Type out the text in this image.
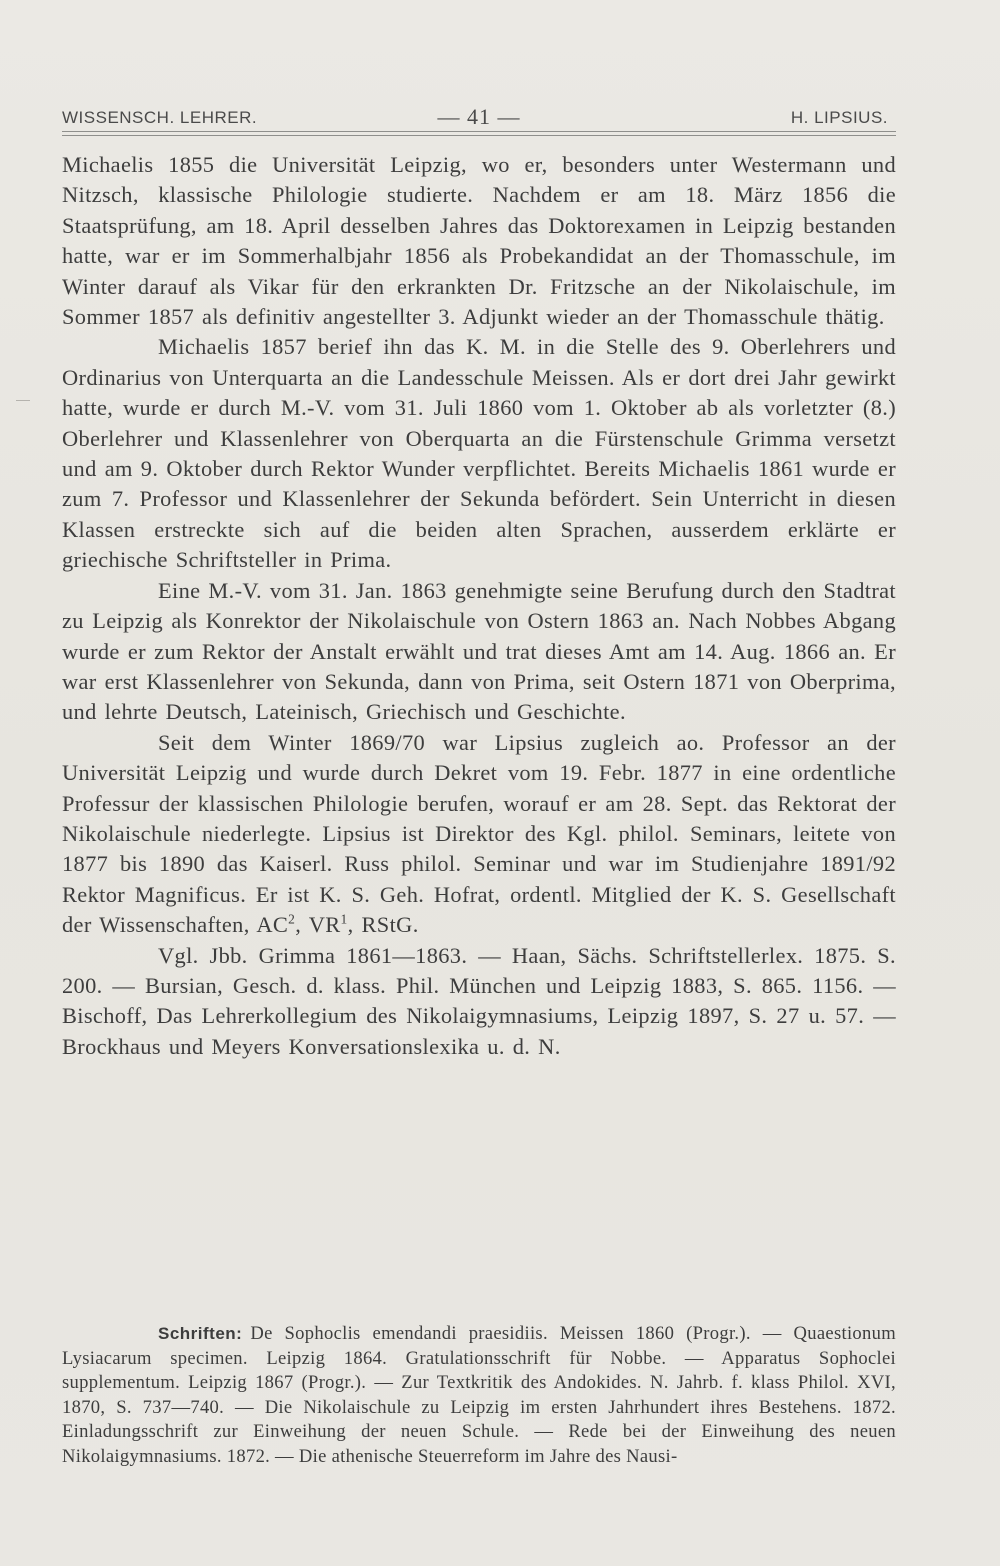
WISSENSCH. LEHRER.	— 41 —	H. LIPSIUS.

Michaelis 1855 die Universität Leipzig, wo er, besonders unter Westermann und Nitzsch, klassische Philologie studierte. Nachdem er am 18. März 1856 die Staatsprüfung, am 18. April desselben Jahres das Doktorexamen in Leipzig bestanden hatte, war er im Sommerhalbjahr 1856 als Probekandidat an der Thomasschule, im Winter darauf als Vikar für den erkrankten Dr. Fritzsche an der Nikolaischule, im Sommer 1857 als definitiv angestellter 3. Adjunkt wieder an der Thomasschule thätig.

Michaelis 1857 berief ihn das K. M. in die Stelle des 9. Oberlehrers und Ordinarius von Unterquarta an die Landesschule Meissen. Als er dort drei Jahr gewirkt hatte, wurde er durch M.-V. vom 31. Juli 1860 vom 1. Oktober ab als vorletzter (8.) Oberlehrer und Klassenlehrer von Oberquarta an die Fürstenschule Grimma versetzt und am 9. Oktober durch Rektor Wunder verpflichtet. Bereits Michaelis 1861 wurde er zum 7. Professor und Klassenlehrer der Sekunda befördert. Sein Unterricht in diesen Klassen erstreckte sich auf die beiden alten Sprachen, ausserdem erklärte er griechische Schriftsteller in Prima.

Eine M.-V. vom 31. Jan. 1863 genehmigte seine Berufung durch den Stadtrat zu Leipzig als Konrektor der Nikolaischule von Ostern 1863 an. Nach Nobbes Abgang wurde er zum Rektor der Anstalt erwählt und trat dieses Amt am 14. Aug. 1866 an. Er war erst Klassenlehrer von Sekunda, dann von Prima, seit Ostern 1871 von Oberprima, und lehrte Deutsch, Lateinisch, Griechisch und Geschichte.

Seit dem Winter 1869/70 war Lipsius zugleich ao. Professor an der Universität Leipzig und wurde durch Dekret vom 19. Febr. 1877 in eine ordentliche Professur der klassischen Philologie berufen, worauf er am 28. Sept. das Rektorat der Nikolaischule niederlegte. Lipsius ist Direktor des Kgl. philol. Seminars, leitete von 1877 bis 1890 das Kaiserl. Russ philol. Seminar und war im Studienjahre 1891/92 Rektor Magnificus. Er ist K. S. Geh. Hofrat, ordentl. Mitglied der K. S. Gesellschaft der Wissenschaften, $AC^2$, $VR^1$, RStG.

Vgl. Jbb. Grimma 1861—1863. — Haan, Sächs. Schriftstellerlex. 1875. S. 200. — Bursian, Gesch. d. klass. Phil. München und Leipzig 1883, S. 865. 1156. — Bischoff, Das Lehrerkollegium des Nikolaigymnasiums, Leipzig 1897, S. 27 u. 57. — Brockhaus und Meyers Konversationslexika u. d. N.

Schriften: De Sophoclis emendandi praesidiis. Meissen 1860 (Progr.). — Quaestionum Lysiacarum specimen. Leipzig 1864. Gratulationsschrift für Nobbe. — Apparatus Sophoclei supplementum. Leipzig 1867 (Progr.). — Zur Textkritik des Andokides. N. Jahrb. f. klass Philol. XVI, 1870, S. 737—740. — Die Nikolaischule zu Leipzig im ersten Jahrhundert ihres Bestehens. 1872. Einladungsschrift zur Einweihung der neuen Schule. — Rede bei der Einweihung des neuen Nikolaigymnasiums. 1872. — Die athenische Steuerreform im Jahre des Nausi-
